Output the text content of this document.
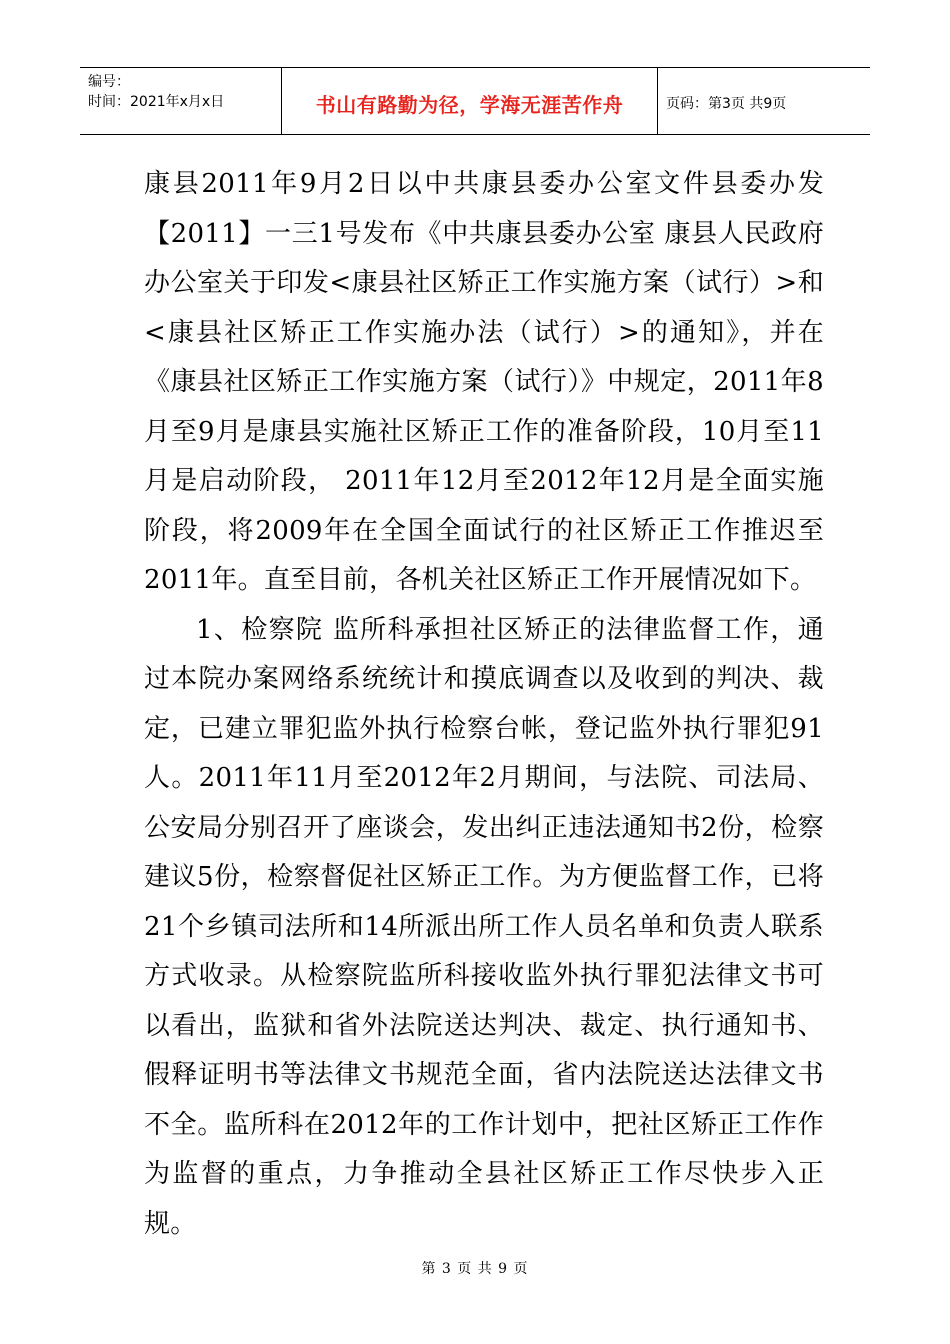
编号：
时间：2021年x月x日	书山有路勤为径，学海无涯苦作舟	页码：第3页 共9页

康县2011年9月2日以中共康县委办公室文件县委办发【2011】一三1号发布《中共康县委办公室 康县人民政府办公室关于印发<康县社区矫正工作实施方案（试行）>和<康县社区矫正工作实施办法（试行）>的通知》，并在《康县社区矫正工作实施方案（试行）》中规定，2011年8月至9月是康县实施社区矫正工作的准备阶段，10月至11月是启动阶段， 2011年12月至2012年12月是全面实施阶段，将2009年在全国全面试行的社区矫正工作推迟至2011年。直至目前，各机关社区矫正工作开展情况如下。

1、检察院 监所科承担社区矫正的法律监督工作，通过本院办案网络系统统计和摸底调查以及收到的判决、裁定，已建立罪犯监外执行检察台帐，登记监外执行罪犯91人。2011年11月至2012年2月期间，与法院、司法局、公安局分别召开了座谈会，发出纠正违法通知书2份，检察建议5份，检察督促社区矫正工作。为方便监督工作，已将21个乡镇司法所和14所派出所工作人员名单和负责人联系方式收录。从检察院监所科接收监外执行罪犯法律文书可以看出，监狱和省外法院送达判决、裁定、执行通知书、假释证明书等法律文书规范全面，省内法院送达法律文书不全。监所科在2012年的工作计划中，把社区矫正工作作为监督的重点，力争推动全县社区矫正工作尽快步入正规。

第 3 页 共 9 页
